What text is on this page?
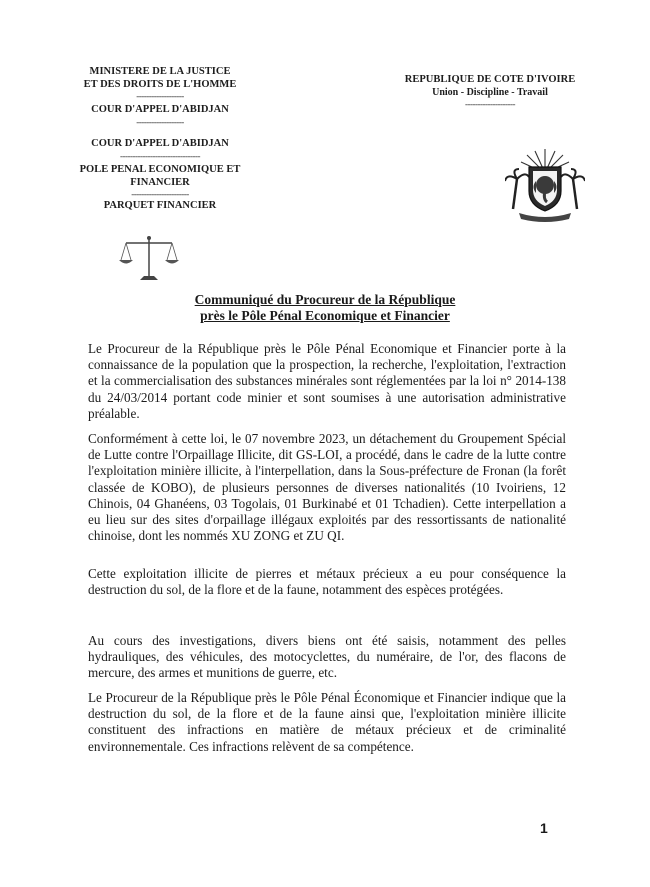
MINISTERE DE LA JUSTICE
ET DES DROITS DE L'HOMME
-------------------
COUR D'APPEL D'ABIDJAN
-------------------
COUR D'APPEL D'ABIDJAN
--------------------------------
POLE PENAL ECONOMIQUE ET
FINANCIER
-----------------------
PARQUET FINANCIER
REPUBLIQUE DE COTE D'IVOIRE
Union - Discipline - Travail
--------------------
Communiqué du Procureur de la République
près le Pôle Pénal Economique et Financier
Le Procureur de la République près le Pôle Pénal Economique et Financier porte à la connaissance de la population que la prospection, la recherche, l'exploitation, l'extraction et la commercialisation des substances minérales sont réglementées par la loi n° 2014-138 du 24/03/2014 portant code minier et sont soumises à une autorisation administrative préalable.
Conformément à cette loi, le 07 novembre 2023, un détachement du Groupement Spécial de Lutte contre l'Orpaillage Illicite, dit GS-LOI, a procédé, dans le cadre de la lutte contre l'exploitation minière illicite, à l'interpellation, dans la Sous-préfecture de Fronan (la forêt classée de KOBO), de plusieurs personnes de diverses nationalités (10 Ivoiriens, 12 Chinois, 04 Ghanéens, 03 Togolais, 01 Burkinabé et 01 Tchadien). Cette interpellation a eu lieu sur des sites d'orpaillage illégaux exploités par des ressortissants de nationalité chinoise, dont les nommés XU ZONG et ZU QI.
Cette exploitation illicite de pierres et métaux précieux a eu pour conséquence la destruction du sol, de la flore et de la faune, notamment des espèces protégées.
Au cours des investigations, divers biens ont été saisis, notamment des pelles hydrauliques, des véhicules, des motocyclettes, du numéraire, de l'or, des flacons de mercure, des armes et munitions de guerre, etc.
Le Procureur de la République près le Pôle Pénal Économique et Financier indique que la destruction du sol, de la flore et de la faune ainsi que, l'exploitation minière illicite constituent des infractions en matière de métaux précieux et de criminalité environnementale. Ces infractions relèvent de sa compétence.
1
